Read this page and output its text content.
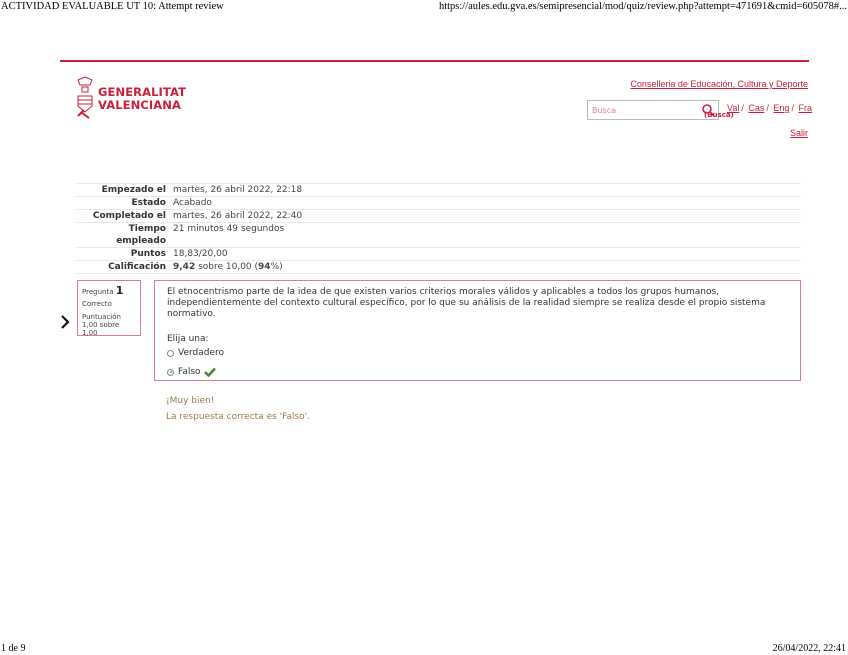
ACTIVIDAD EVALUABLE UT 10: Attempt review	https://aules.edu.gva.es/semipresencial/mod/quiz/review.php?attempt=471691&cmid=605078#...
GENERALITAT
VALENCIANA
Conselleria de Educación, Cultura y Deporte
Busca
(Busca)
Val / Cas / Eng / Fra
Salir
Empezado el martes, 26 abril 2022, 22:18
Estado Acabado
Completado el martes, 26 abril 2022, 22:40
Tiempo empleado
21 minutos 49 segundos
Puntos 18,83/20,00
Calificación 9,42 sobre 10,00 (94%)
Pregunta 1
Correcto
Puntuación
1,00 sobre 1,00
El etnocentrismo parte de la idea de que existen varios criterios morales válidos y aplicables a todos los grupos humanos, independientemente del contexto cultural específico, por lo que su análisis de la realidad siempre se realiza desde el propio sistema normativo.
Elija una:
Verdadero
Falso
¡Muy bien!
La respuesta correcta es 'Falso'.
1 de 9	26/04/2022, 22:41
